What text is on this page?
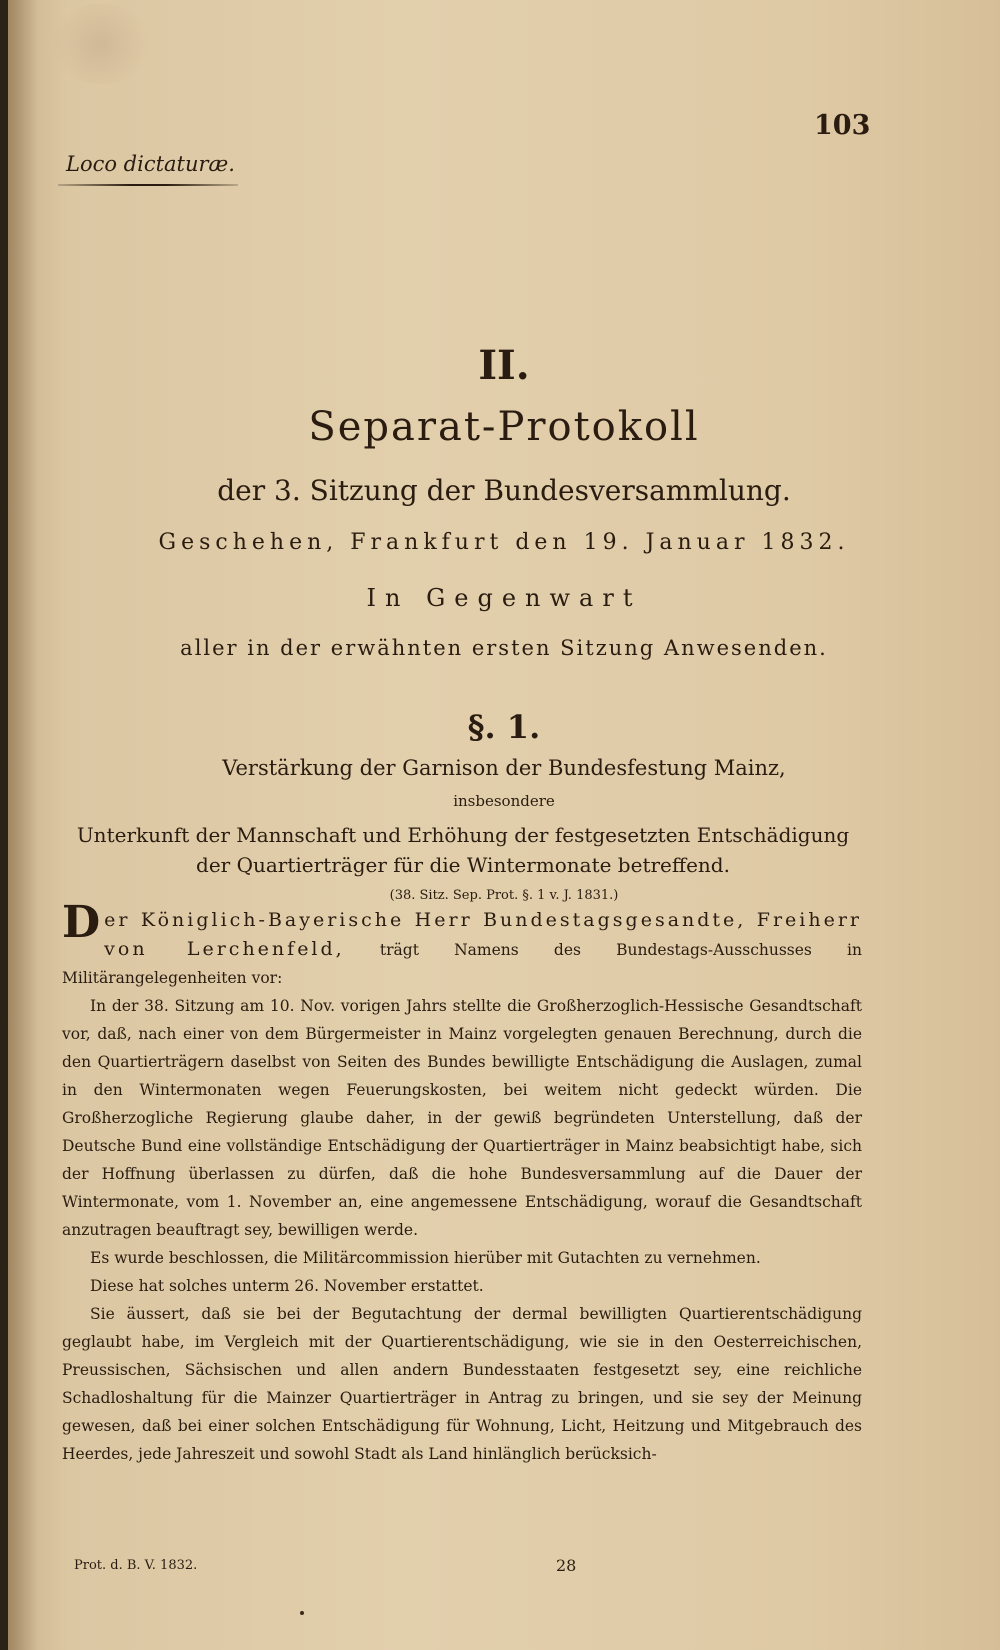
103
Loco dictaturæ.
II.
Separat-Protokoll
der 3. Sitzung der Bundesversammlung.
Geschehen, Frankfurt den 19. Januar 1832.
In Gegenwart
aller in der erwähnten ersten Sitzung Anwesenden.
§. 1.
Verstärkung der Garnison der Bundesfestung Mainz,
insbesondere
Unterkunft der Mannschaft und Erhöhung der festgesetzten Entschädigung der Quartierträger für die Wintermonate betreffend.
(38. Sitz. Sep. Prot. §. 1 v. J. 1831.)

Der Königlich-Bayerische Herr Bundestagsgesandte, Freiherr von Lerchenfeld, trägt Namens des Bundestags-Ausschusses in Militärangelegenheiten vor:

In der 38. Sitzung am 10. Nov. vorigen Jahrs stellte die Großherzoglich-Hessische Gesandtschaft vor, daß, nach einer von dem Bürgermeister in Mainz vorgelegten genauen Berechnung, durch die den Quartierträgern daselbst von Seiten des Bundes bewilligte Entschädigung die Auslagen, zumal in den Wintermonaten wegen Feuerungskosten, bei weitem nicht gedeckt würden. Die Großherzogliche Regierung glaube daher, in der gewiß begründeten Unterstellung, daß der Deutsche Bund eine vollständige Entschädigung der Quartierträger in Mainz beabsichtigt habe, sich der Hoffnung überlassen zu dürfen, daß die hohe Bundesversammlung auf die Dauer der Wintermonate, vom 1. November an, eine angemessene Entschädigung, worauf die Gesandtschaft anzutragen beauftragt sey, bewilligen werde.

Es wurde beschlossen, die Militärcommission hierüber mit Gutachten zu vernehmen.

Diese hat solches unterm 26. November erstattet.

Sie äussert, daß sie bei der Begutachtung der dermal bewilligten Quartierentschädigung geglaubt habe, im Vergleich mit der Quartierentschädigung, wie sie in den Oesterreichischen, Preussischen, Sächsischen und allen andern Bundesstaaten festgesetzt sey, eine reichliche Schadloshaltung für die Mainzer Quartierträger in Antrag zu bringen, und sie sey der Meinung gewesen, daß bei einer solchen Entschädigung für Wohnung, Licht, Heitzung und Mitgebrauch des Heerdes, jede Jahreszeit und sowohl Stadt als Land hinlänglich berücksich-

Prot. d. B. V. 1832.	28
